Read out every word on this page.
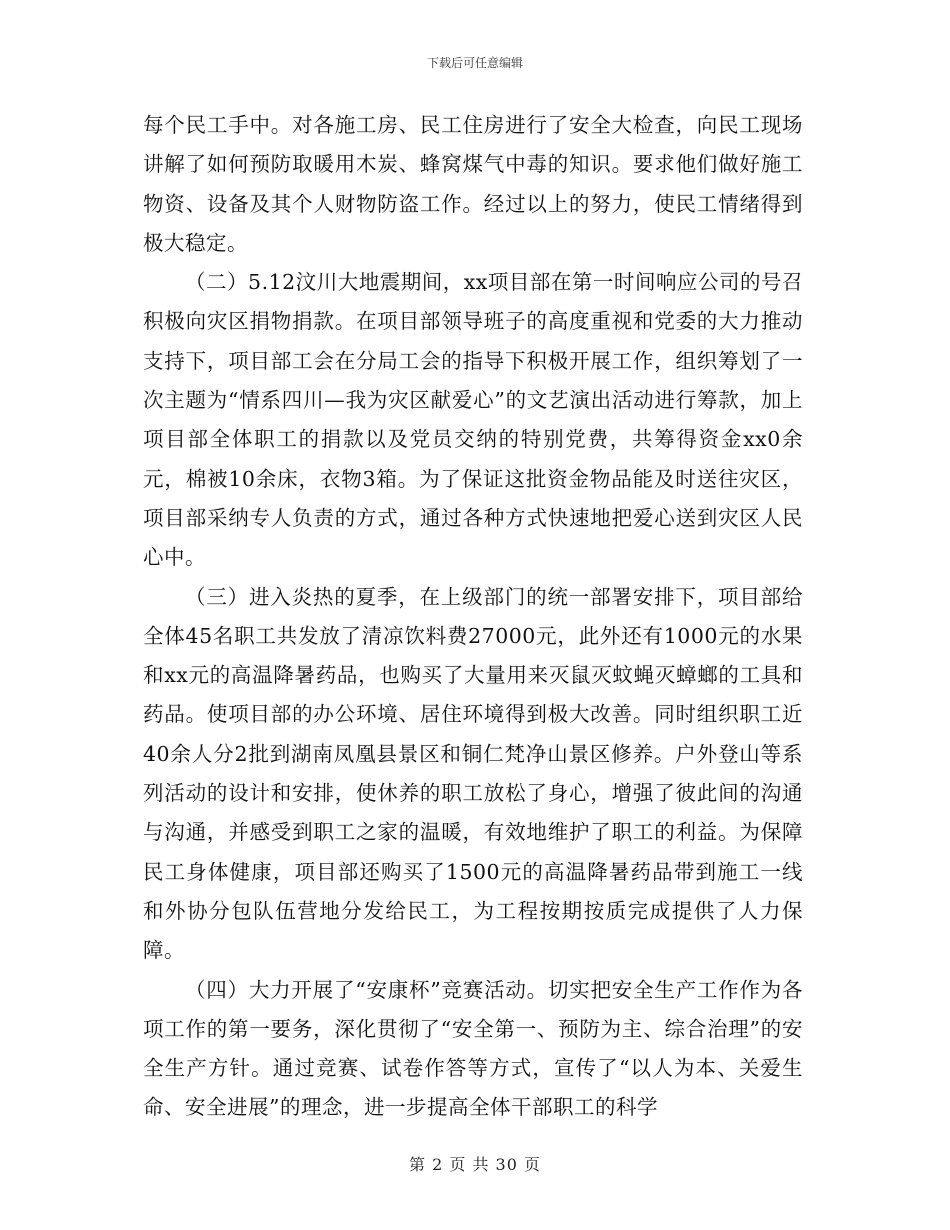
下载后可任意编辑

每个民工手中。对各施工房、民工住房进行了安全大检查，向民工现场讲解了如何预防取暖用木炭、蜂窝煤气中毒的知识。要求他们做好施工物资、设备及其个人财物防盗工作。经过以上的努力，使民工情绪得到极大稳定。

（二）5.12汶川大地震期间，xx项目部在第一时间响应公司的号召积极向灾区捐物捐款。在项目部领导班子的高度重视和党委的大力推动支持下，项目部工会在分局工会的指导下积极开展工作，组织筹划了一次主题为“情系四川—我为灾区献爱心”的文艺演出活动进行筹款，加上项目部全体职工的捐款以及党员交纳的特别党费，共筹得资金xx0余元，棉被10余床，衣物3箱。为了保证这批资金物品能及时送往灾区，项目部采纳专人负责的方式，通过各种方式快速地把爱心送到灾区人民心中。

（三）进入炎热的夏季，在上级部门的统一部署安排下，项目部给全体45名职工共发放了清凉饮料费27000元，此外还有1000元的水果和xx元的高温降暑药品，也购买了大量用来灭鼠灭蚊蝇灭蟑螂的工具和药品。使项目部的办公环境、居住环境得到极大改善。同时组织职工近40余人分2批到湖南凤凰县景区和铜仁梵净山景区修养。户外登山等系列活动的设计和安排，使休养的职工放松了身心，增强了彼此间的沟通与沟通，并感受到职工之家的温暖，有效地维护了职工的利益。为保障民工身体健康，项目部还购买了1500元的高温降暑药品带到施工一线和外协分包队伍营地分发给民工，为工程按期按质完成提供了人力保障。

（四）大力开展了“安康杯”竞赛活动。切实把安全生产工作作为各项工作的第一要务，深化贯彻了“安全第一、预防为主、综合治理”的安全生产方针。通过竞赛、试卷作答等方式，宣传了“以人为本、关爱生命、安全进展”的理念，进一步提高全体干部职工的科学

第 2 页 共 30 页
